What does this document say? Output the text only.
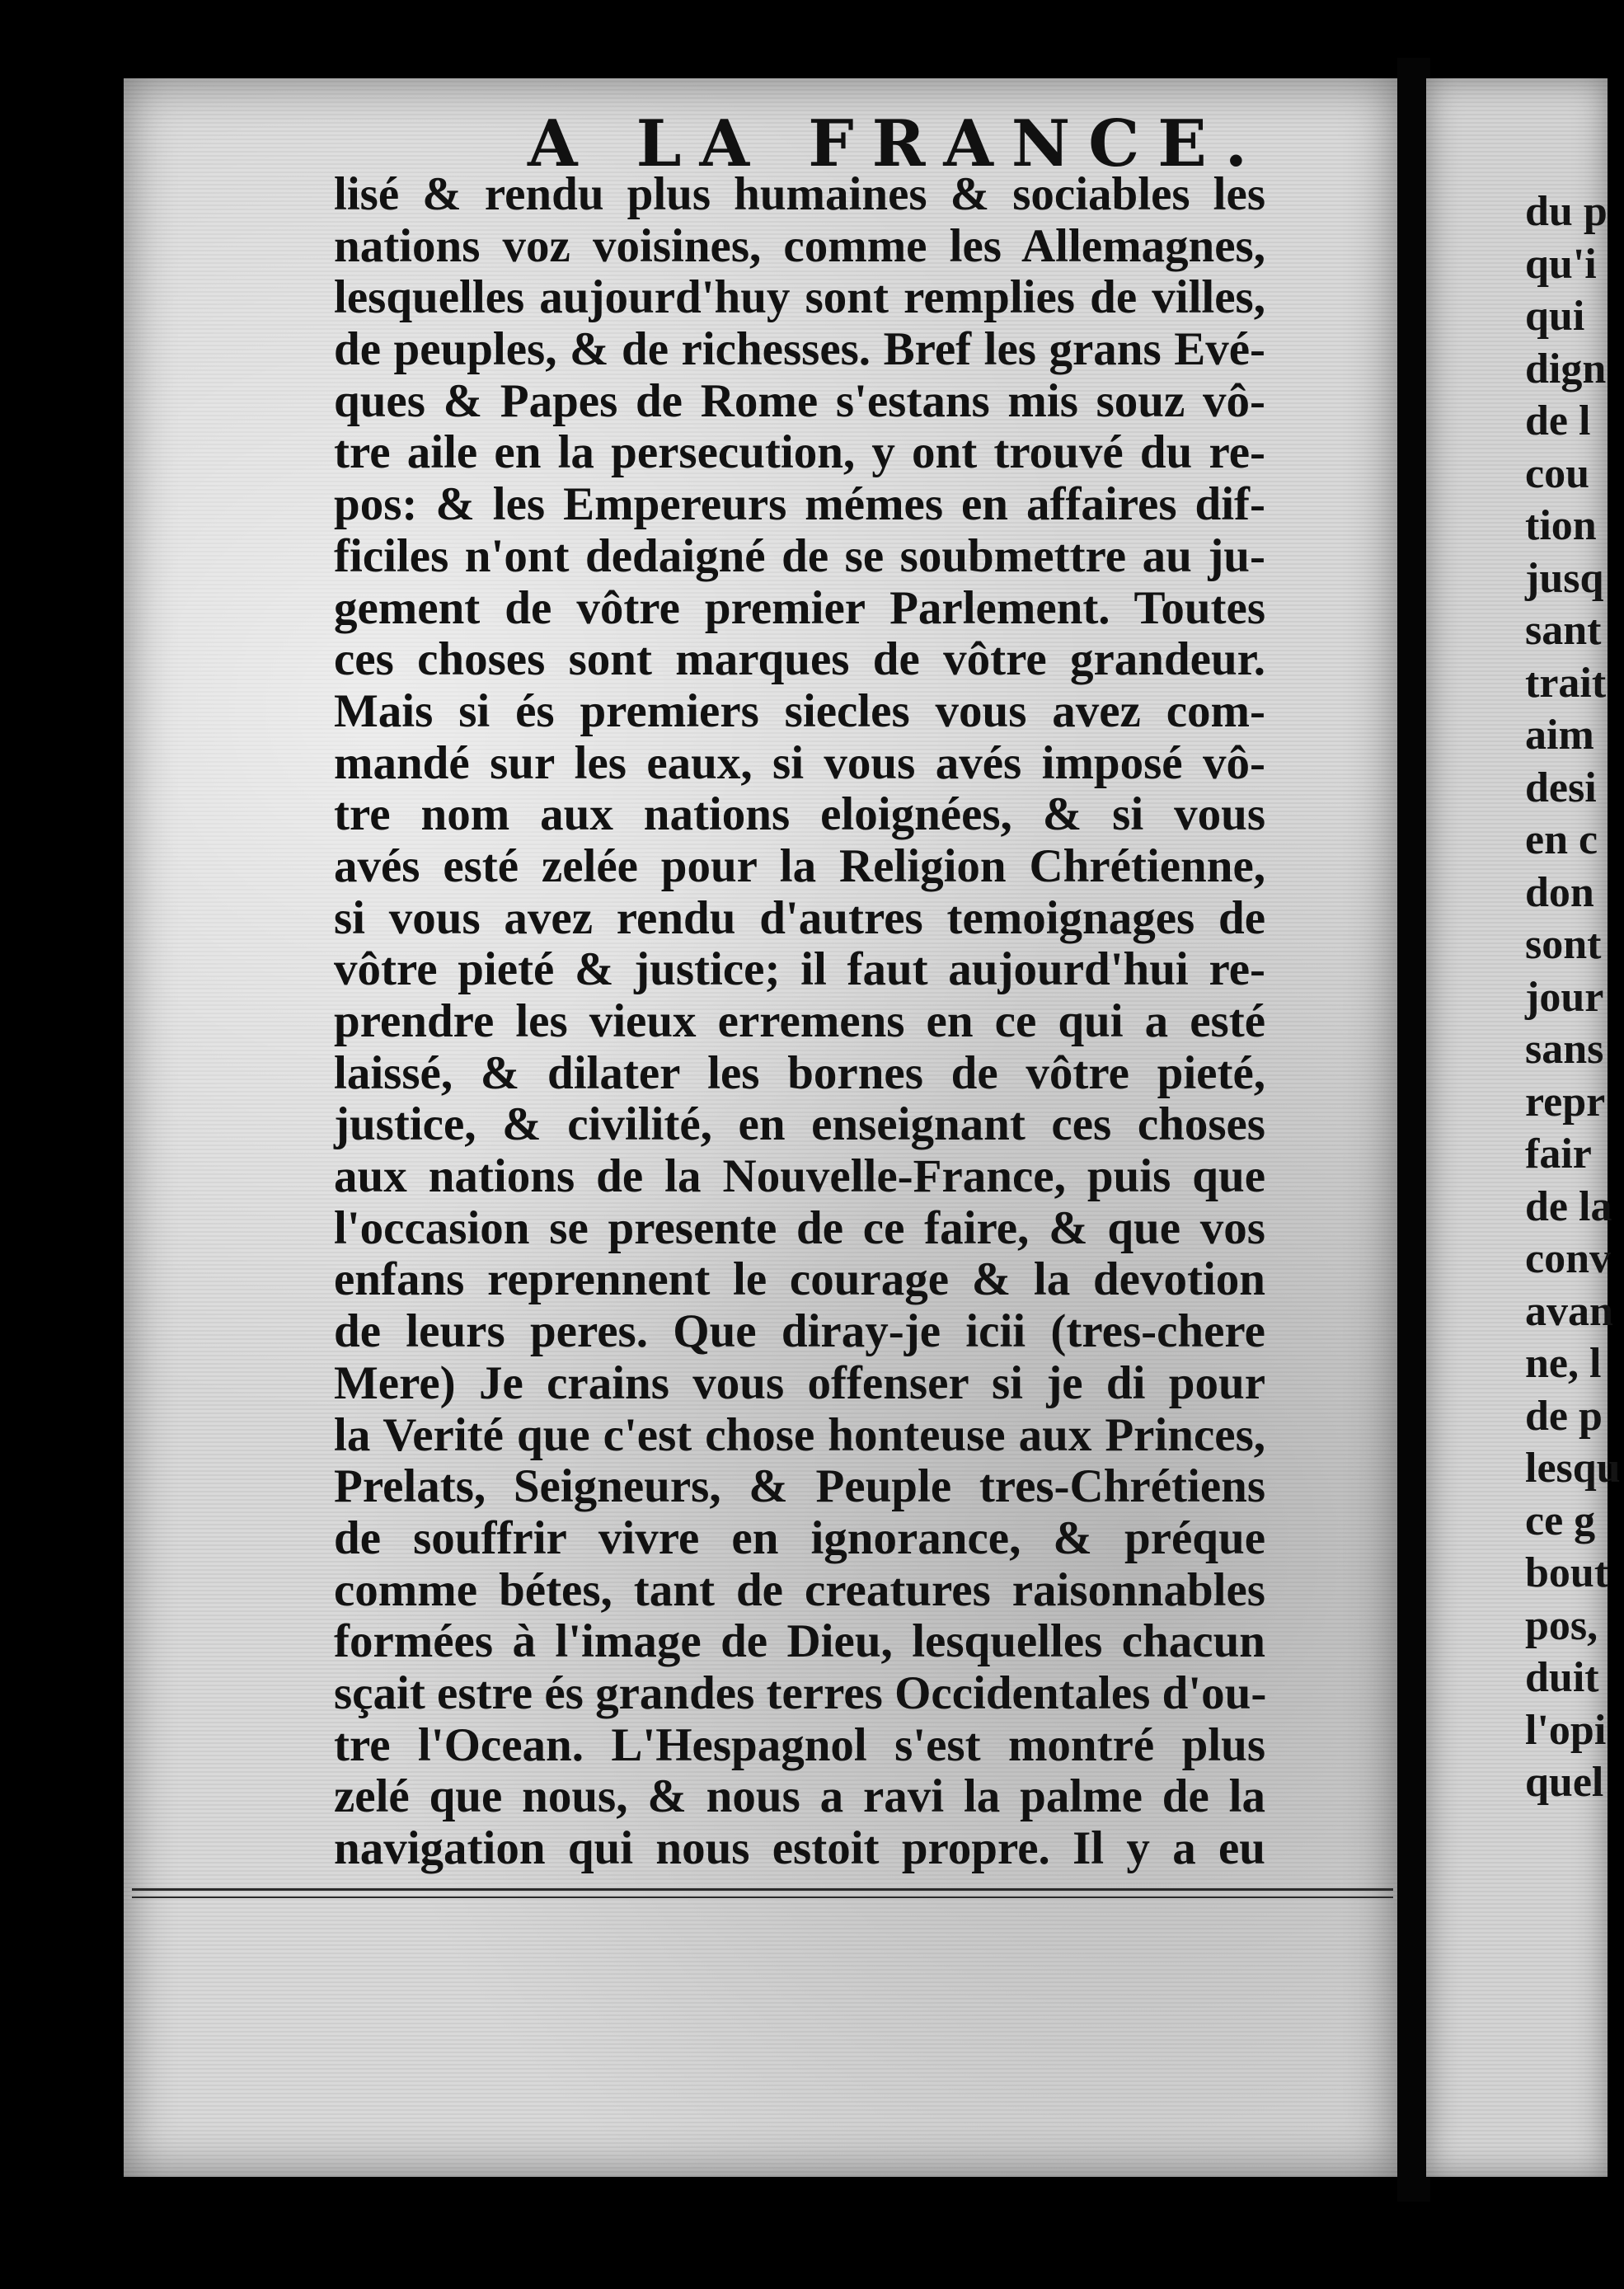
A LA FRANCE.
lisé & rendu plus humaines & sociables les
nations voz voisines, comme les Allemagnes,
lesquelles aujourd'huy sont remplies de villes,
de peuples, & de richesses. Bref les grans Evé-
ques & Papes de Rome s'estans mis souz vô-
tre aile en la persecution, y ont trouvé du re-
pos: & les Empereurs mémes en affaires dif-
ficiles n'ont dedaigné de se soubmettre au ju-
gement de vôtre premier Parlement. Toutes
ces choses sont marques de vôtre grandeur.
Mais si és premiers siecles vous avez com-
mandé sur les eaux, si vous avés imposé vô-
tre nom aux nations eloignées, & si vous
avés esté zelée pour la Religion Chrétienne,
si vous avez rendu d'autres temoignages de
vôtre pieté & justice; il faut aujourd'hui re-
prendre les vieux erremens en ce qui a esté
laissé, & dilater les bornes de vôtre pieté,
justice, & civilité, en enseignant ces choses
aux nations de la Nouvelle-France, puis que
l'occasion se presente de ce faire, & que vos
enfans reprennent le courage & la devotion
de leurs peres. Que diray-je icii (tres-chere
Mere) Je crains vous offenser si je di pour
la Verité que c'est chose honteuse aux Princes,
Prelats, Seigneurs, & Peuple tres-Chrétiens
de souffrir vivre en ignorance, & préque
comme bétes, tant de creatures raisonnables
formées à l'image de Dieu, lesquelles chacun
sçait estre és grandes terres Occidentales d'ou-
tre l'Ocean. L'Hespagnol s'est montré plus
zelé que nous, & nous a ravi la palme de la
navigation qui nous estoit propre. Il y a eu
du p
qu'i
qui
dign
de l
cou
tion
jusq
sant
trait
aim
desi
en c
don
sont
jour
sans
repr
fair
de la
conv
avan
ne, l
de p
lesqu
ce g
bout
pos,
duit
l'opi
quel
